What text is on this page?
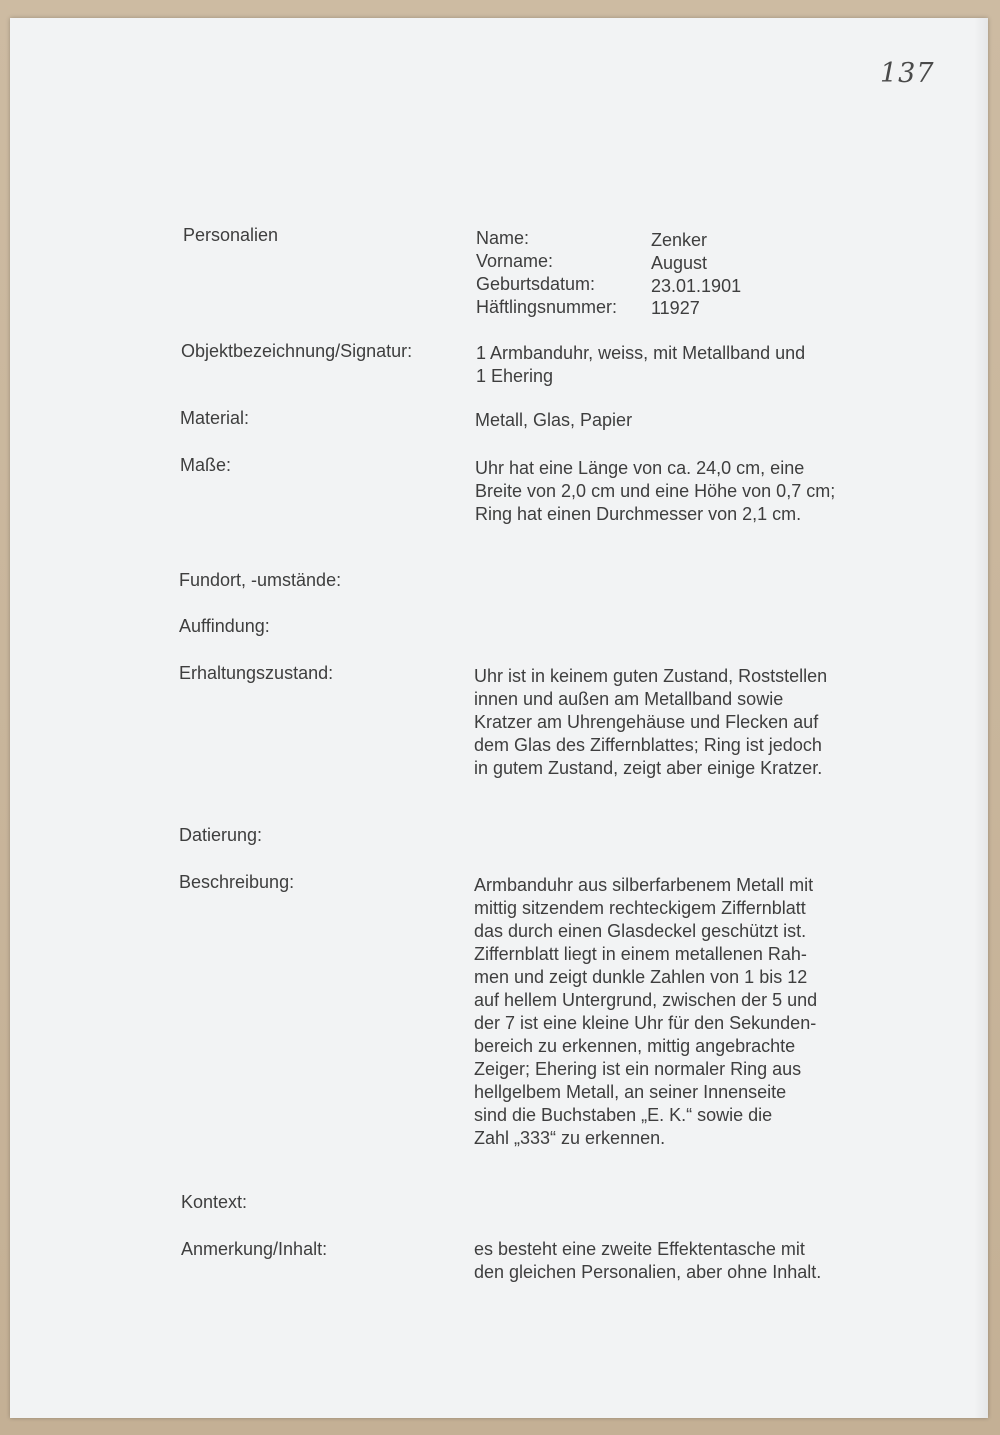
137

Personalien	Name:	Zenker

Vorname:	August

Geburtsdatum:	23.01.1901

Häftlingsnummer: 11927

Objektbezeichnung/Signatur:	1 Armbanduhr, weiss, mit Metallband und
1 Ehering

Material:	Metall, Glas, Papier

Maße:	Uhr hat eine Länge von ca. 24,0 cm, eine
Breite von 2,0 cm und eine Höhe von 0,7 cm;
Ring hat einen Durchmesser von 2,1 cm.

Fundort, -umstände:

Auffindung:

Erhaltungszustand:	Uhr ist in keinem guten Zustand, Roststellen
innen und außen am Metallband sowie
Kratzer am Uhrengehäuse und Flecken auf
dem Glas des Ziffernblattes; Ring ist jedoch
in gutem Zustand, zeigt aber einige Kratzer.

Datierung:

Beschreibung:	Armbanduhr aus silberfarbenem Metall mit
mittig sitzendem rechteckigem Ziffernblatt
das durch einen Glasdeckel geschützt ist.
Ziffernblatt liegt in einem metallenen Rah-
men und zeigt dunkle Zahlen von 1 bis 12
auf hellem Untergrund, zwischen der 5 und
der 7 ist eine kleine Uhr für den Sekunden-
bereich zu erkennen, mittig angebrachte
Zeiger; Ehering ist ein normaler Ring aus
hellgelbem Metall, an seiner Innenseite
sind die Buchstaben „E. K.“ sowie die
Zahl „333“ zu erkennen.

Kontext:

Anmerkung/Inhalt:	es besteht eine zweite Effektentasche mit
den gleichen Personalien, aber ohne Inhalt.
